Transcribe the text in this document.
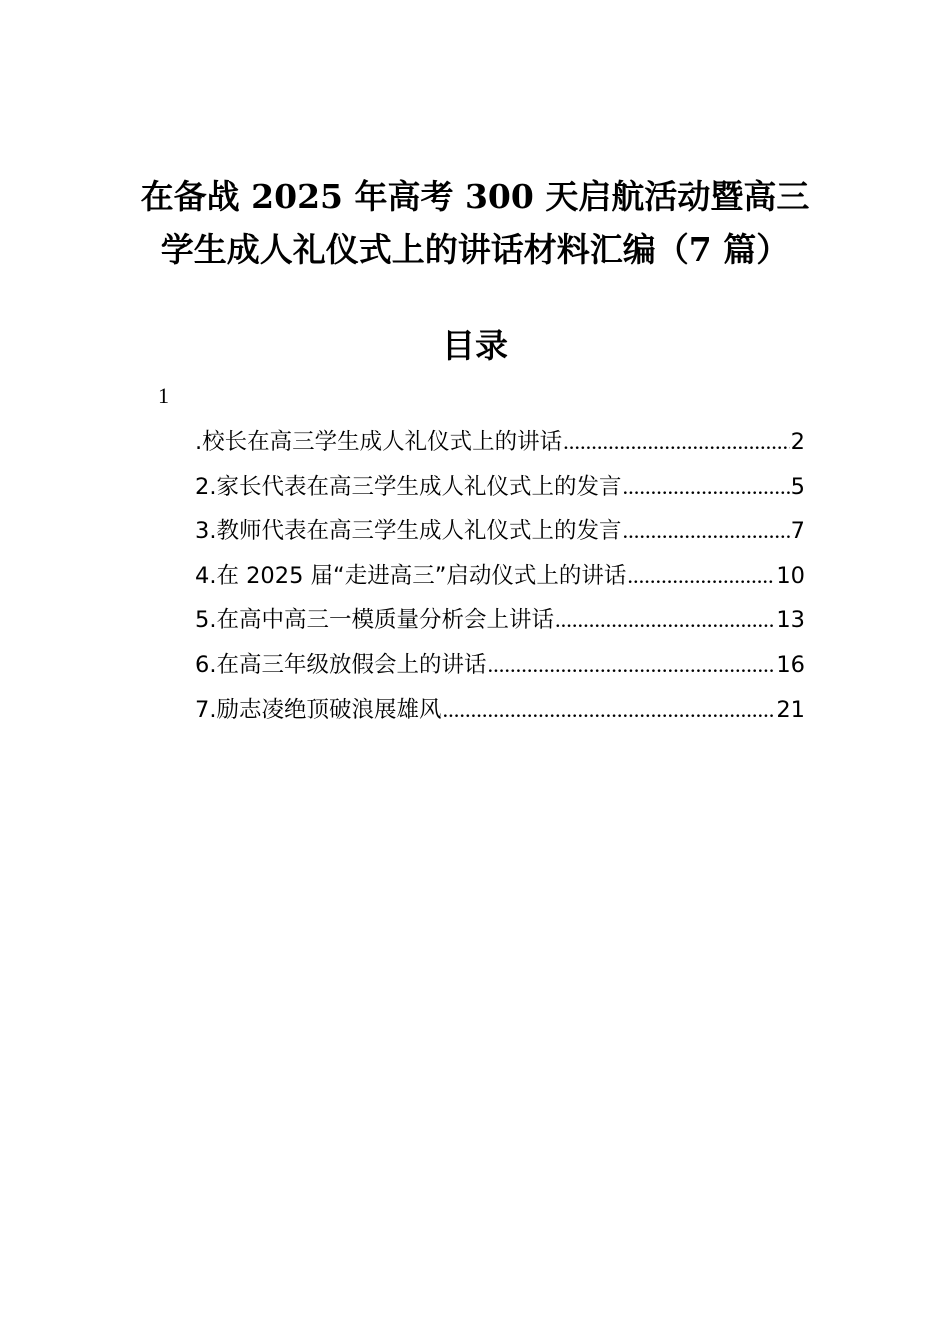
在备战 2025 年高考 300 天启航活动暨高三
学生成人礼仪式上的讲话材料汇编（7 篇）
目录
1
.校长在高三学生成人礼仪式上的讲话 .....	2
2.家长代表在高三学生成人礼仪式上的发言 .....	5
3.教师代表在高三学生成人礼仪式上的发言 .....	7
4.在 2025 届“走进高三”启动仪式上的讲话 .....	10
5.在高中高三一模质量分析会上讲话 .....	13
6.在高三年级放假会上的讲话 .....	16
7.励志凌绝顶破浪展雄风 .....	21
